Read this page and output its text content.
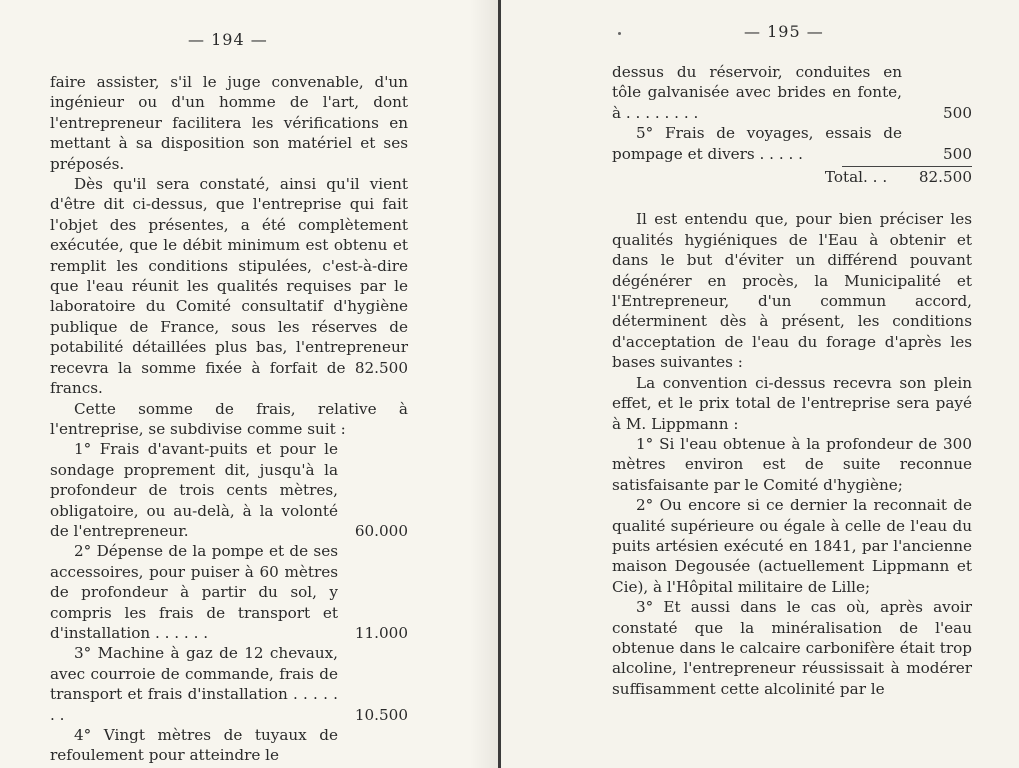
— 194 —

faire assister, s'il le juge convenable, d'un ingénieur ou d'un homme de l'art, dont l'entrepreneur facilitera les vérifications en mettant à sa disposition son matériel et ses préposés.

Dès qu'il sera constaté, ainsi qu'il vient d'être dit ci-dessus, que l'entreprise qui fait l'objet des présentes, a été complètement exécutée, que le débit minimum est obtenu et remplit les conditions stipulées, c'est-à-dire que l'eau réunit les qualités requises par le laboratoire du Comité consultatif d'hygiène publique de France, sous les réserves de potabilité détaillées plus bas, l'entrepreneur recevra la somme fixée à forfait de 82.500 francs.

Cette somme de frais, relative à l'entreprise, se subdivise comme suit :

1° Frais d'avant-puits et pour le sondage proprement dit, jusqu'à la profondeur de trois cents mètres, obligatoire, ou au-delà, à la volonté de l'entrepreneur.	60.000

2° Dépense de la pompe et de ses accessoires, pour puiser à 60 mètres de profondeur à partir du sol, y compris les frais de transport et d'installation . . . . . .	11.000

3° Machine à gaz de 12 chevaux, avec courroie de commande, frais de transport et frais d'installation . . . . . . .	10.500

4° Vingt mètres de tuyaux de refoulement pour atteindre le

— 195 —

dessus du réservoir, conduites en tôle galvanisée avec brides en fonte, à . . . . . . . .	500

5° Frais de voyages, essais de pompage et divers . . . . .	500
Total. . . 82.500

Il est entendu que, pour bien préciser les qualités hygiéniques de l'Eau à obtenir et dans le but d'éviter un différend pouvant dégénérer en procès, la Municipalité et l'Entrepreneur, d'un commun accord, déterminent dès à présent, les conditions d'acceptation de l'eau du forage d'après les bases suivantes :

La convention ci-dessus recevra son plein effet, et le prix total de l'entreprise sera payé à M. Lippmann :

1° Si l'eau obtenue à la profondeur de 300 mètres environ est de suite reconnue satisfaisante par le Comité d'hygiène;

2° Ou encore si ce dernier la reconnait de qualité supérieure ou égale à celle de l'eau du puits artésien exécuté en 1841, par l'ancienne maison Degousée (actuellement Lippmann et Cie), à l'Hôpital militaire de Lille;

3° Et aussi dans le cas où, après avoir constaté que la minéralisation de l'eau obtenue dans le calcaire carbonifère était trop alcoline, l'entrepreneur réussissait à modérer suffisamment cette alcolinité par le
